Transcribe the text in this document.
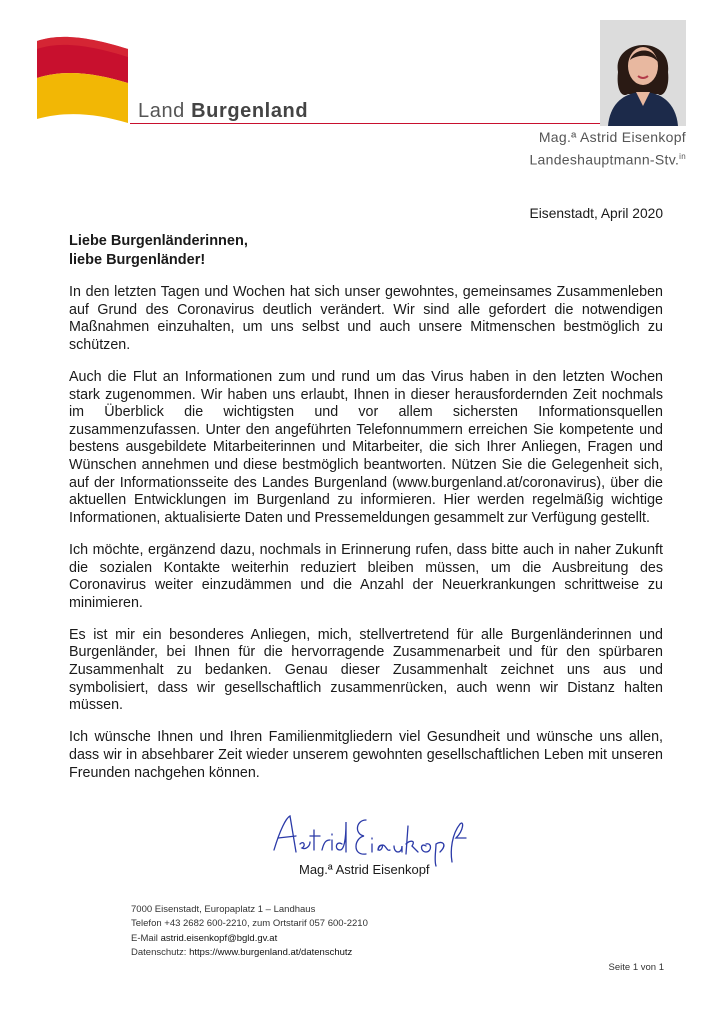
Land Burgenland
Mag.ª Astrid Eisenkopf
Landeshauptmann-Stv.$^{in}$
Eisenstadt, April 2020
Liebe Burgenländerinnen,
liebe Burgenländer!

In den letzten Tagen und Wochen hat sich unser gewohntes, gemeinsames Zusammenleben auf Grund des Coronavirus deutlich verändert. Wir sind alle gefordert die notwendigen Maßnahmen einzuhalten, um uns selbst und auch unsere Mitmenschen bestmöglich zu schützen.

Auch die Flut an Informationen zum und rund um das Virus haben in den letzten Wochen stark zugenommen. Wir haben uns erlaubt, Ihnen in dieser herausfordernden Zeit nochmals im Überblick die wichtigsten und vor allem sichersten Informationsquellen zusammenzufassen. Unter den angeführten Telefonnummern erreichen Sie kompetente und bestens ausgebildete Mitarbeiterinnen und Mitarbeiter, die sich Ihrer Anliegen, Fragen und Wünschen annehmen und diese bestmöglich beantworten. Nützen Sie die Gelegenheit sich, auf der Informationsseite des Landes Burgenland (www.burgenland.at/coronavirus), über die aktuellen Entwicklungen im Burgenland zu informieren. Hier werden regelmäßig wichtige Informationen, aktualisierte Daten und Pressemeldungen gesammelt zur Verfügung gestellt.

Ich möchte, ergänzend dazu, nochmals in Erinnerung rufen, dass bitte auch in naher Zukunft die sozialen Kontakte weiterhin reduziert bleiben müssen, um die Ausbreitung des Coronavirus weiter einzudämmen und die Anzahl der Neuerkrankungen schrittweise zu minimieren.

Es ist mir ein besonderes Anliegen, mich, stellvertretend für alle Burgenländerinnen und Burgenländer, bei Ihnen für die hervorragende Zusammenarbeit und für den spürbaren Zusammenhalt zu bedanken. Genau dieser Zusammenhalt zeichnet uns aus und symbolisiert, dass wir gesellschaftlich zusammenrücken, auch wenn wir Distanz halten müssen.

Ich wünsche Ihnen und Ihren Familienmitgliedern viel Gesundheit und wünsche uns allen, dass wir in absehbarer Zeit wieder unserem gewohnten gesellschaftlichen Leben mit unseren Freunden nachgehen können.

Mag.ª Astrid Eisenkopf
7000 Eisenstadt, Europaplatz 1 – Landhaus
Telefon +43 2682 600-2210, zum Ortstarif 057 600-2210
E-Mail astrid.eisenkopf@bgld.gv.at
Datenschutz: https://www.burgenland.at/datenschutz
Seite 1 von 1
